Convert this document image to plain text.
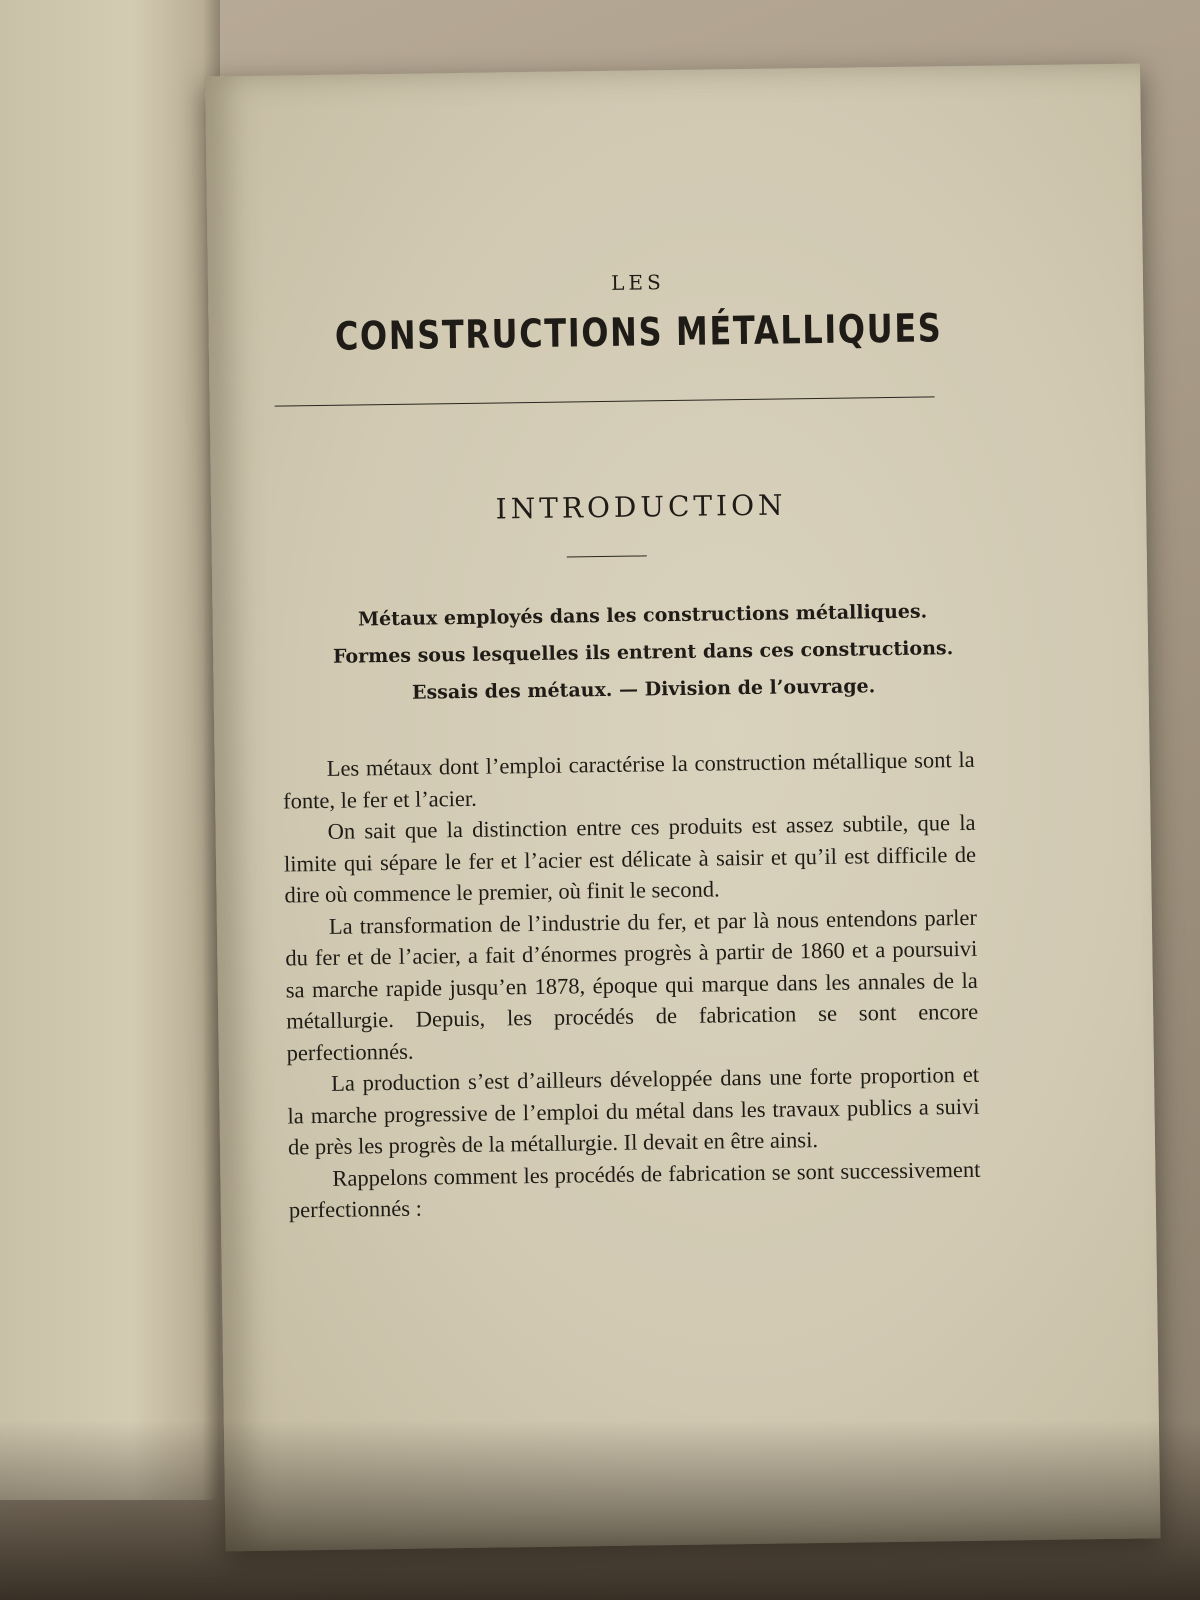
LES
CONSTRUCTIONS MÉTALLIQUES
INTRODUCTION
Métaux employés dans les constructions métalliques.
Formes sous lesquelles ils entrent dans ces constructions.
Essais des métaux. — Division de l’ouvrage.

Les métaux dont l’emploi caractérise la construction métallique sont la fonte, le fer et l’acier.

On sait que la distinction entre ces produits est assez subtile, que la limite qui sépare le fer et l’acier est délicate à saisir et qu’il est difficile de dire où commence le premier, où finit le second.

La transformation de l’industrie du fer, et par là nous entendons parler du fer et de l’acier, a fait d’énormes progrès à partir de 1860 et a poursuivi sa marche rapide jusqu’en 1878, époque qui marque dans les annales de la métallurgie. Depuis, les procédés de fabrication se sont encore perfectionnés.

La production s’est d’ailleurs développée dans une forte proportion et la marche progressive de l’emploi du métal dans les travaux publics a suivi de près les progrès de la métallurgie. Il devait en être ainsi.

Rappelons comment les procédés de fabrication se sont successivement perfectionnés :
